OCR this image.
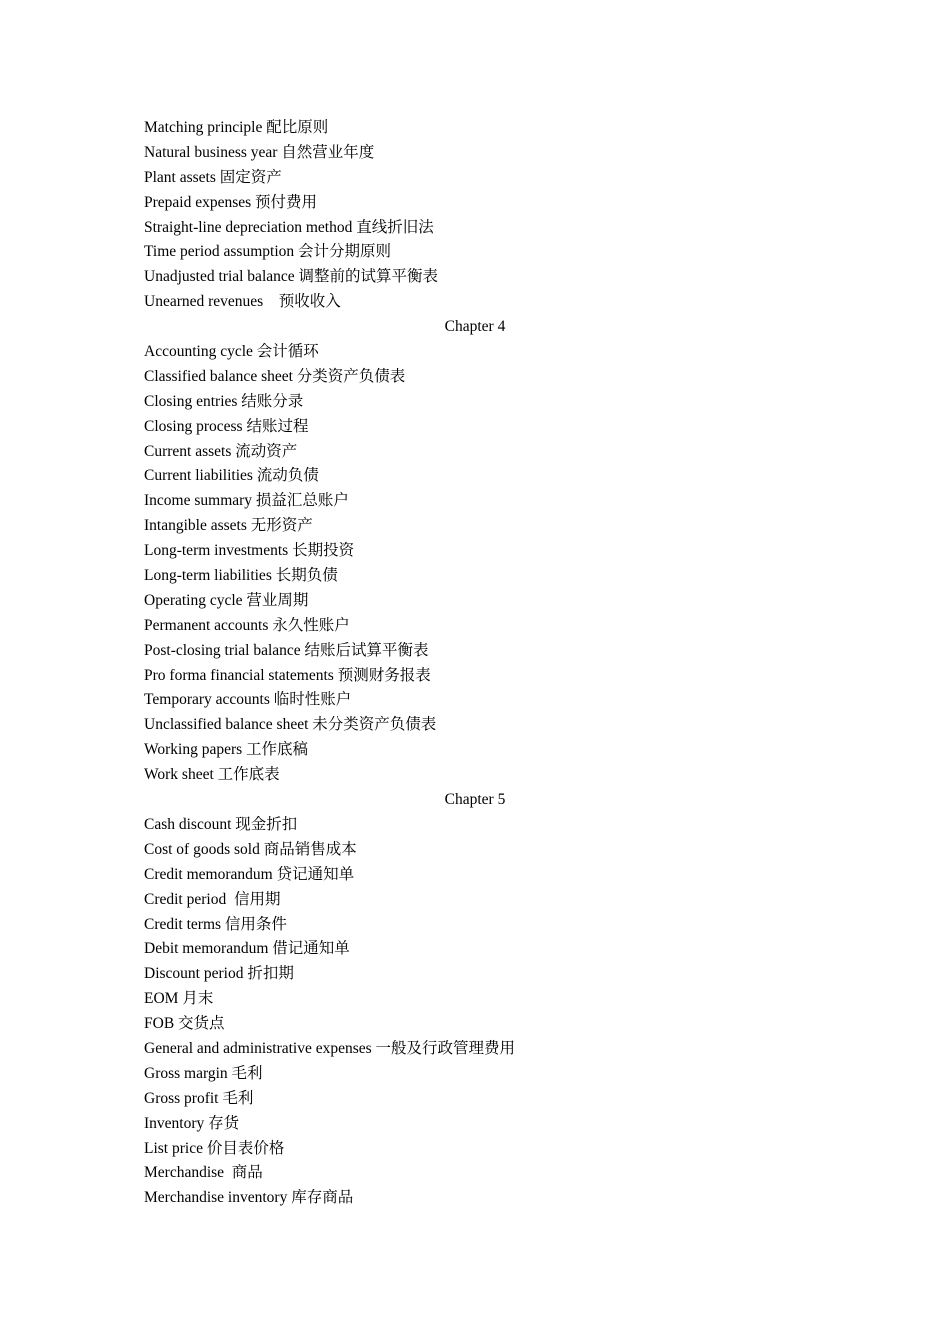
Matching principle 配比原则
Natural business year 自然营业年度
Plant assets 固定资产
Prepaid expenses 预付费用
Straight-line depreciation method 直线折旧法
Time period assumption 会计分期原则
Unadjusted trial balance 调整前的试算平衡表
Unearned revenues    预收收入
Chapter 4
Accounting cycle 会计循环
Classified balance sheet 分类资产负债表
Closing entries 结账分录
Closing process 结账过程
Current assets 流动资产
Current liabilities 流动负债
Income summary 损益汇总账户
Intangible assets 无形资产
Long-term investments 长期投资
Long-term liabilities 长期负债
Operating cycle 营业周期
Permanent accounts 永久性账户
Post-closing trial balance 结账后试算平衡表
Pro forma financial statements 预测财务报表
Temporary accounts 临时性账户
Unclassified balance sheet 未分类资产负债表
Working papers 工作底稿
Work sheet 工作底表
Chapter 5
Cash discount 现金折扣
Cost of goods sold 商品销售成本
Credit memorandum 贷记通知单
Credit period  信用期
Credit terms 信用条件
Debit memorandum 借记通知单
Discount period 折扣期
EOM 月末
FOB 交货点
General and administrative expenses 一般及行政管理费用
Gross margin 毛利
Gross profit 毛利
Inventory 存货
List price 价目表价格
Merchandise  商品
Merchandise inventory 库存商品
